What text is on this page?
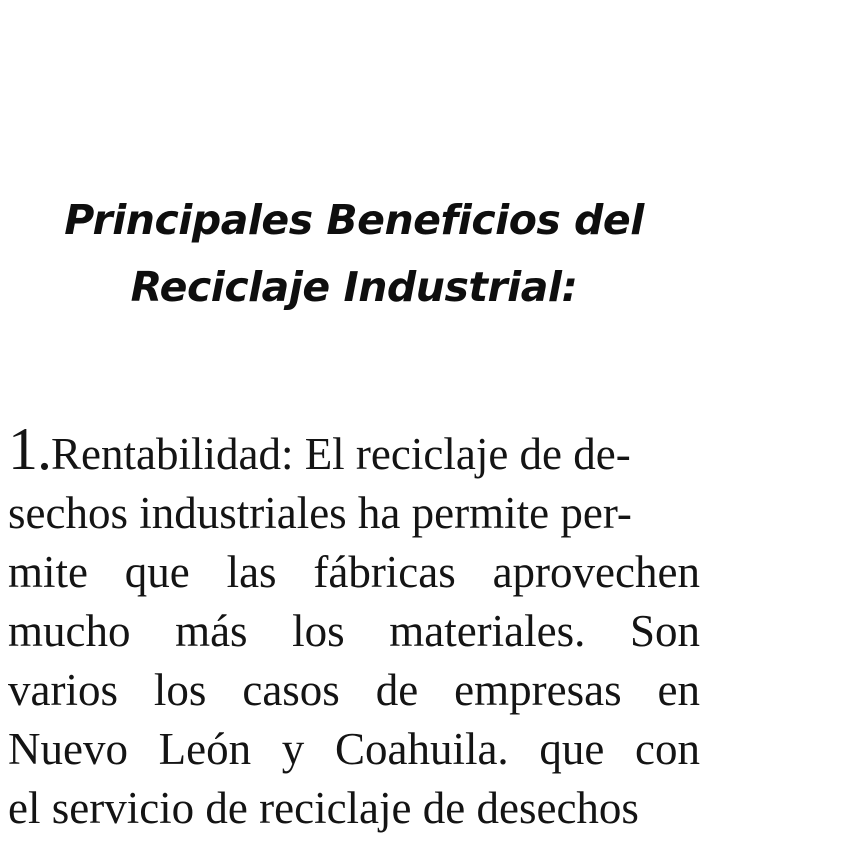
Principales Beneficios del
Reciclaje Industrial:
1.Rentabilidad: El reciclaje de de-
sechos industriales ha permite per-
mite que las fábricas aprovechen
mucho más los materiales. Son
varios los casos de empresas en
Nuevo León y Coahuila. que con
el servicio de reciclaje de desechos
